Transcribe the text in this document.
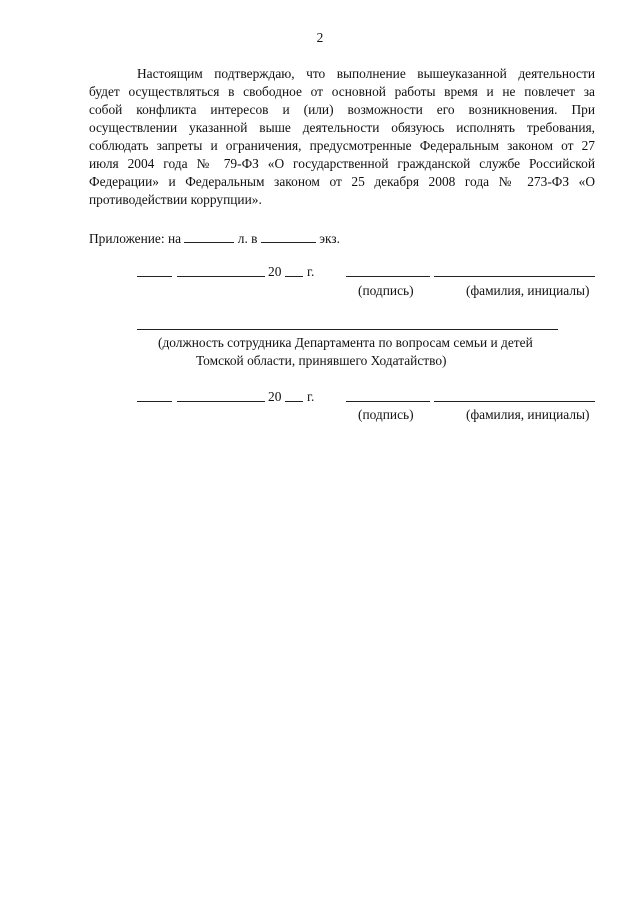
2
Настоящим подтверждаю, что выполнение вышеуказанной деятельности
будет осуществляться в свободное от основной работы время и не повлечет за
собой конфликта интересов и (или) возможности его возникновения. При
осуществлении указанной выше деятельности обязуюсь исполнять требования,
соблюдать запреты и ограничения, предусмотренные Федеральным законом от 27
июля 2004 года № 79-ФЗ «О государственной гражданской службе Российской
Федерации» и Федеральным законом от 25 декабря 2008 года № 273-ФЗ «О
противодействии коррупции».
Приложение: на	л. в	экз.
20 г.
(подпись)	(фамилия, инициалы)
(должность сотрудника Департамента по вопросам семьи и детей
Томской области, принявшего Ходатайство)
20 г.
(подпись)	(фамилия, инициалы)
